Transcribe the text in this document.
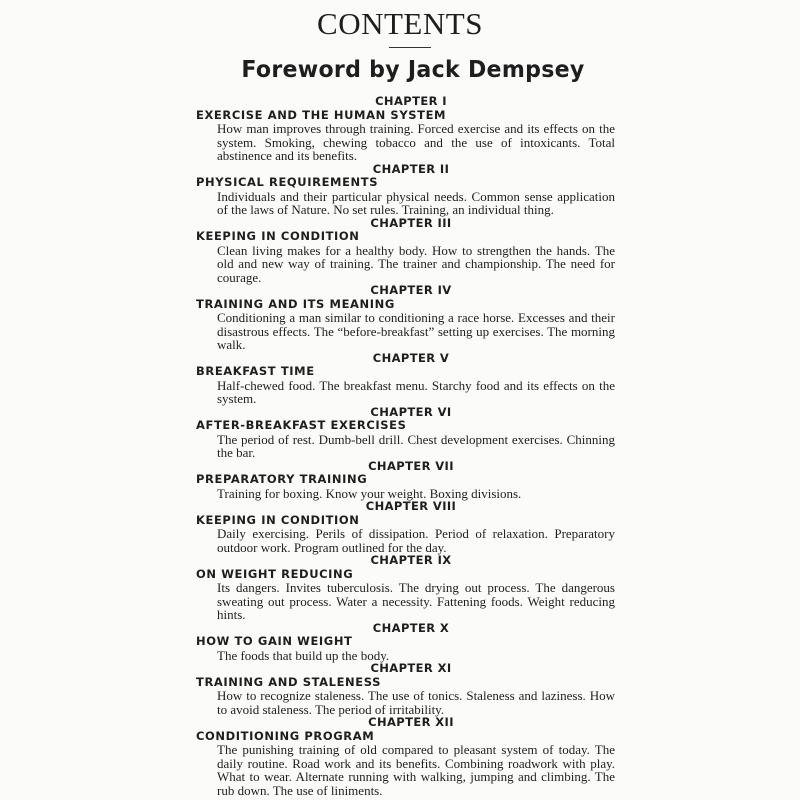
CONTENTS
Foreword by Jack Dempsey
CHAPTER I
EXERCISE AND THE HUMAN SYSTEM
How man improves through training. Forced exercise and its effects on the system. Smoking, chewing tobacco and the use of intoxicants. Total abstinence and its benefits.
CHAPTER II
PHYSICAL REQUIREMENTS
Individuals and their particular physical needs. Common sense application of the laws of Nature. No set rules. Training, an individual thing.
CHAPTER III
KEEPING IN CONDITION
Clean living makes for a healthy body. How to strengthen the hands. The old and new way of training. The trainer and championship. The need for courage.
CHAPTER IV
TRAINING AND ITS MEANING
Conditioning a man similar to conditioning a race horse. Excesses and their disastrous effects. The “before-breakfast” setting up exercises. The morning walk.
CHAPTER V
BREAKFAST TIME
Half-chewed food. The breakfast menu. Starchy food and its effects on the system.
CHAPTER VI
AFTER-BREAKFAST EXERCISES
The period of rest. Dumb-bell drill. Chest development exercises. Chinning the bar.
CHAPTER VII
PREPARATORY TRAINING
Training for boxing. Know your weight. Boxing divisions.
CHAPTER VIII
KEEPING IN CONDITION
Daily exercising. Perils of dissipation. Period of relaxation. Preparatory outdoor work. Program outlined for the day.
CHAPTER IX
ON WEIGHT REDUCING
Its dangers. Invites tuberculosis. The drying out process. The dangerous sweating out process. Water a necessity. Fattening foods. Weight reducing hints.
CHAPTER X
HOW TO GAIN WEIGHT
The foods that build up the body.
CHAPTER XI
TRAINING AND STALENESS
How to recognize staleness. The use of tonics. Staleness and laziness. How to avoid staleness. The period of irritability.
CHAPTER XII
CONDITIONING PROGRAM
The punishing training of old compared to pleasant system of today. The daily routine. Road work and its benefits. Combining roadwork with play. What to wear. Alternate running with walking, jumping and climbing. The rub down. The use of liniments.
